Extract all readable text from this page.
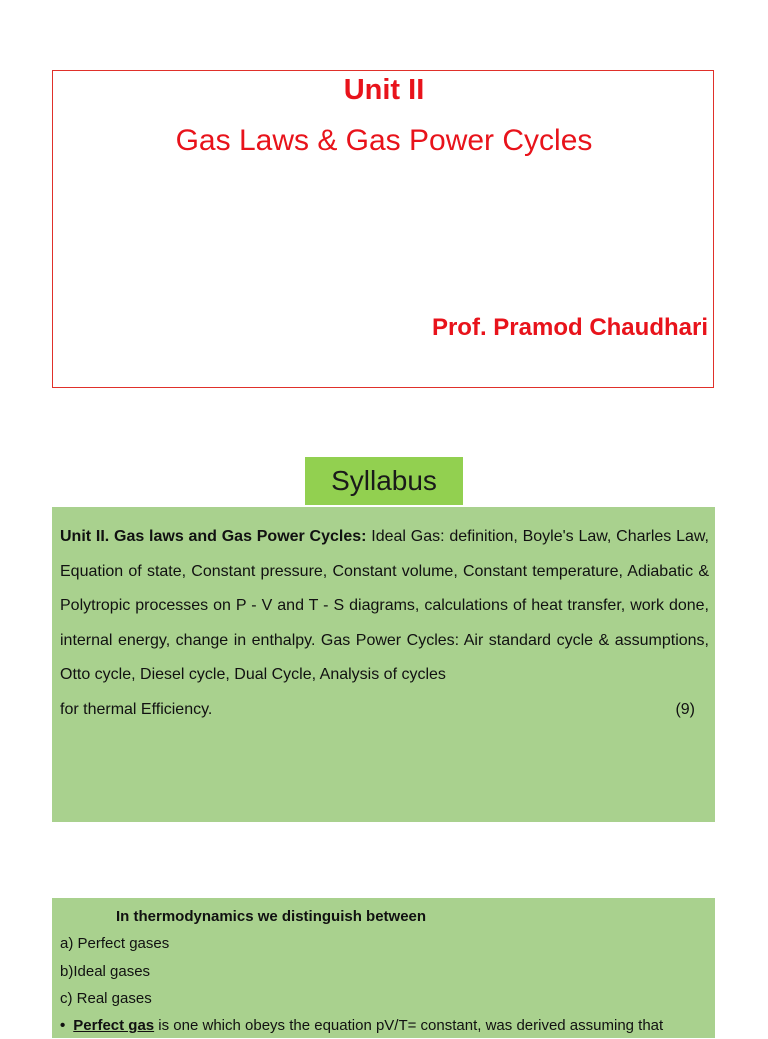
Unit II
Gas Laws & Gas Power Cycles
Prof. Pramod Chaudhari
Syllabus
Unit II. Gas laws and Gas Power Cycles: Ideal Gas: definition, Boyle's Law, Charles Law, Equation of state, Constant pressure, Constant volume, Constant temperature, Adiabatic & Polytropic processes on P - V and T - S diagrams, calculations of heat transfer, work done, internal energy, change in enthalpy. Gas Power Cycles: Air standard cycle & assumptions, Otto cycle, Diesel cycle, Dual Cycle, Analysis of cycles
for thermal Efficiency.	(9)
In thermodynamics we distinguish between
a) Perfect gases
b)Ideal gases
c) Real gases
• Perfect gas is one which obeys the equation pV/T= constant, was derived assuming that
